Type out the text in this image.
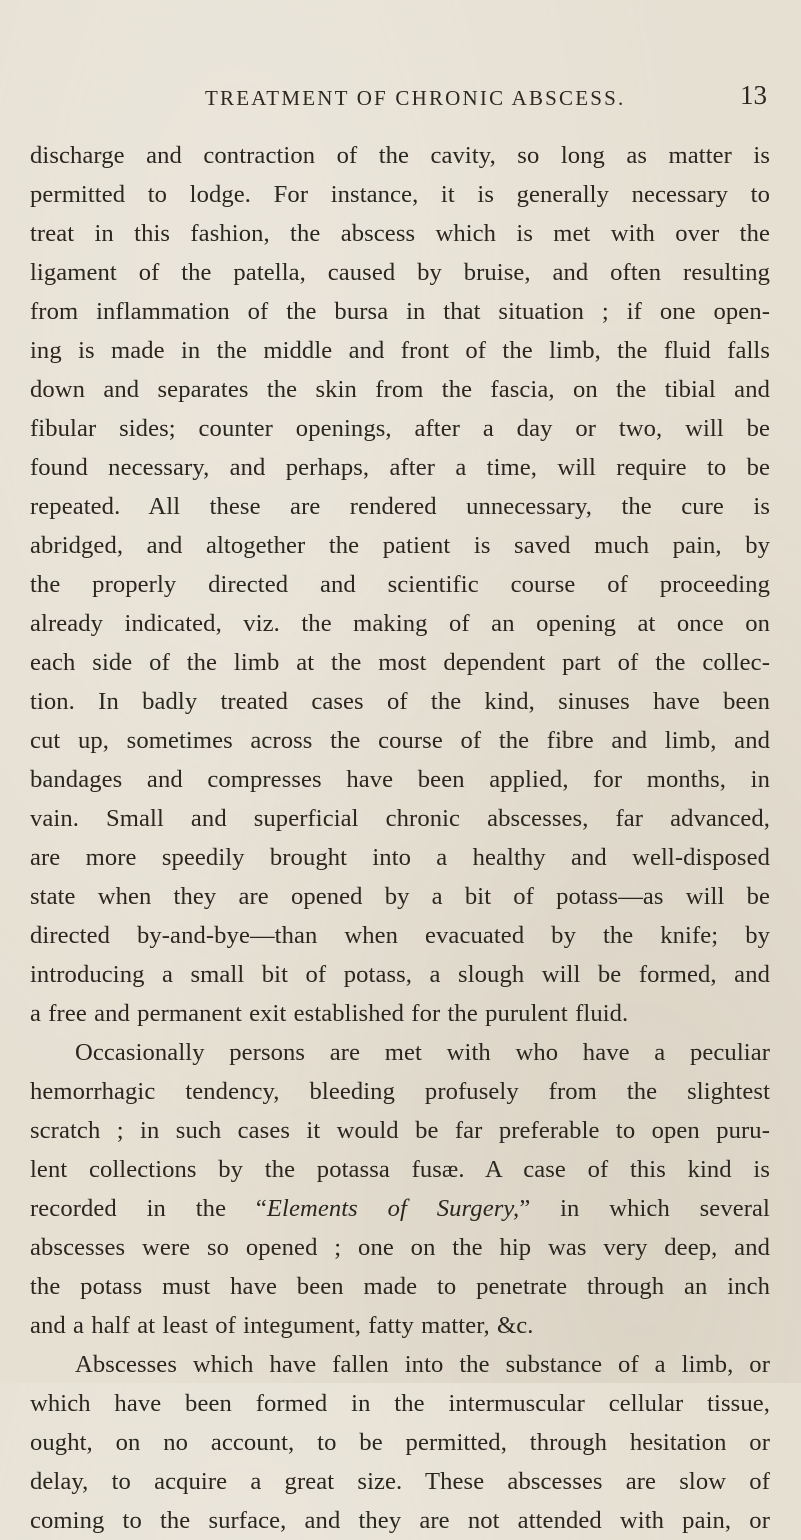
TREATMENT OF CHRONIC ABSCESS.	13
discharge and contraction of the cavity, so long as matter is
permitted to lodge. For instance, it is generally necessary to
treat in this fashion, the abscess which is met with over the
ligament of the patella, caused by bruise, and often resulting
from inflammation of the bursa in that situation ; if one open-
ing is made in the middle and front of the limb, the fluid falls
down and separates the skin from the fascia, on the tibial and
fibular sides; counter openings, after a day or two, will be
found necessary, and perhaps, after a time, will require to be
repeated. All these are rendered unnecessary, the cure is
abridged, and altogether the patient is saved much pain, by
the properly directed and scientific course of proceeding
already indicated, viz. the making of an opening at once on
each side of the limb at the most dependent part of the collec-
tion. In badly treated cases of the kind, sinuses have been
cut up, sometimes across the course of the fibre and limb, and
bandages and compresses have been applied, for months, in
vain. Small and superficial chronic abscesses, far advanced,
are more speedily brought into a healthy and well-disposed
state when they are opened by a bit of potass—as will be
directed by-and-bye—than when evacuated by the knife; by
introducing a small bit of potass, a slough will be formed, and
a free and permanent exit established for the purulent fluid.
Occasionally persons are met with who have a peculiar
hemorrhagic tendency, bleeding profusely from the slightest
scratch ; in such cases it would be far preferable to open puru-
lent collections by the potassa fusæ. A case of this kind is
recorded in the “Elements of Surgery,” in which several
abscesses were so opened ; one on the hip was very deep, and
the potass must have been made to penetrate through an inch
and a half at least of integument, fatty matter, &c.
Abscesses which have fallen into the substance of a limb, or
which have been formed in the intermuscular cellular tissue,
ought, on no account, to be permitted, through hesitation or
delay, to acquire a great size. These abscesses are slow of
coming to the surface, and they are not attended with pain, or
